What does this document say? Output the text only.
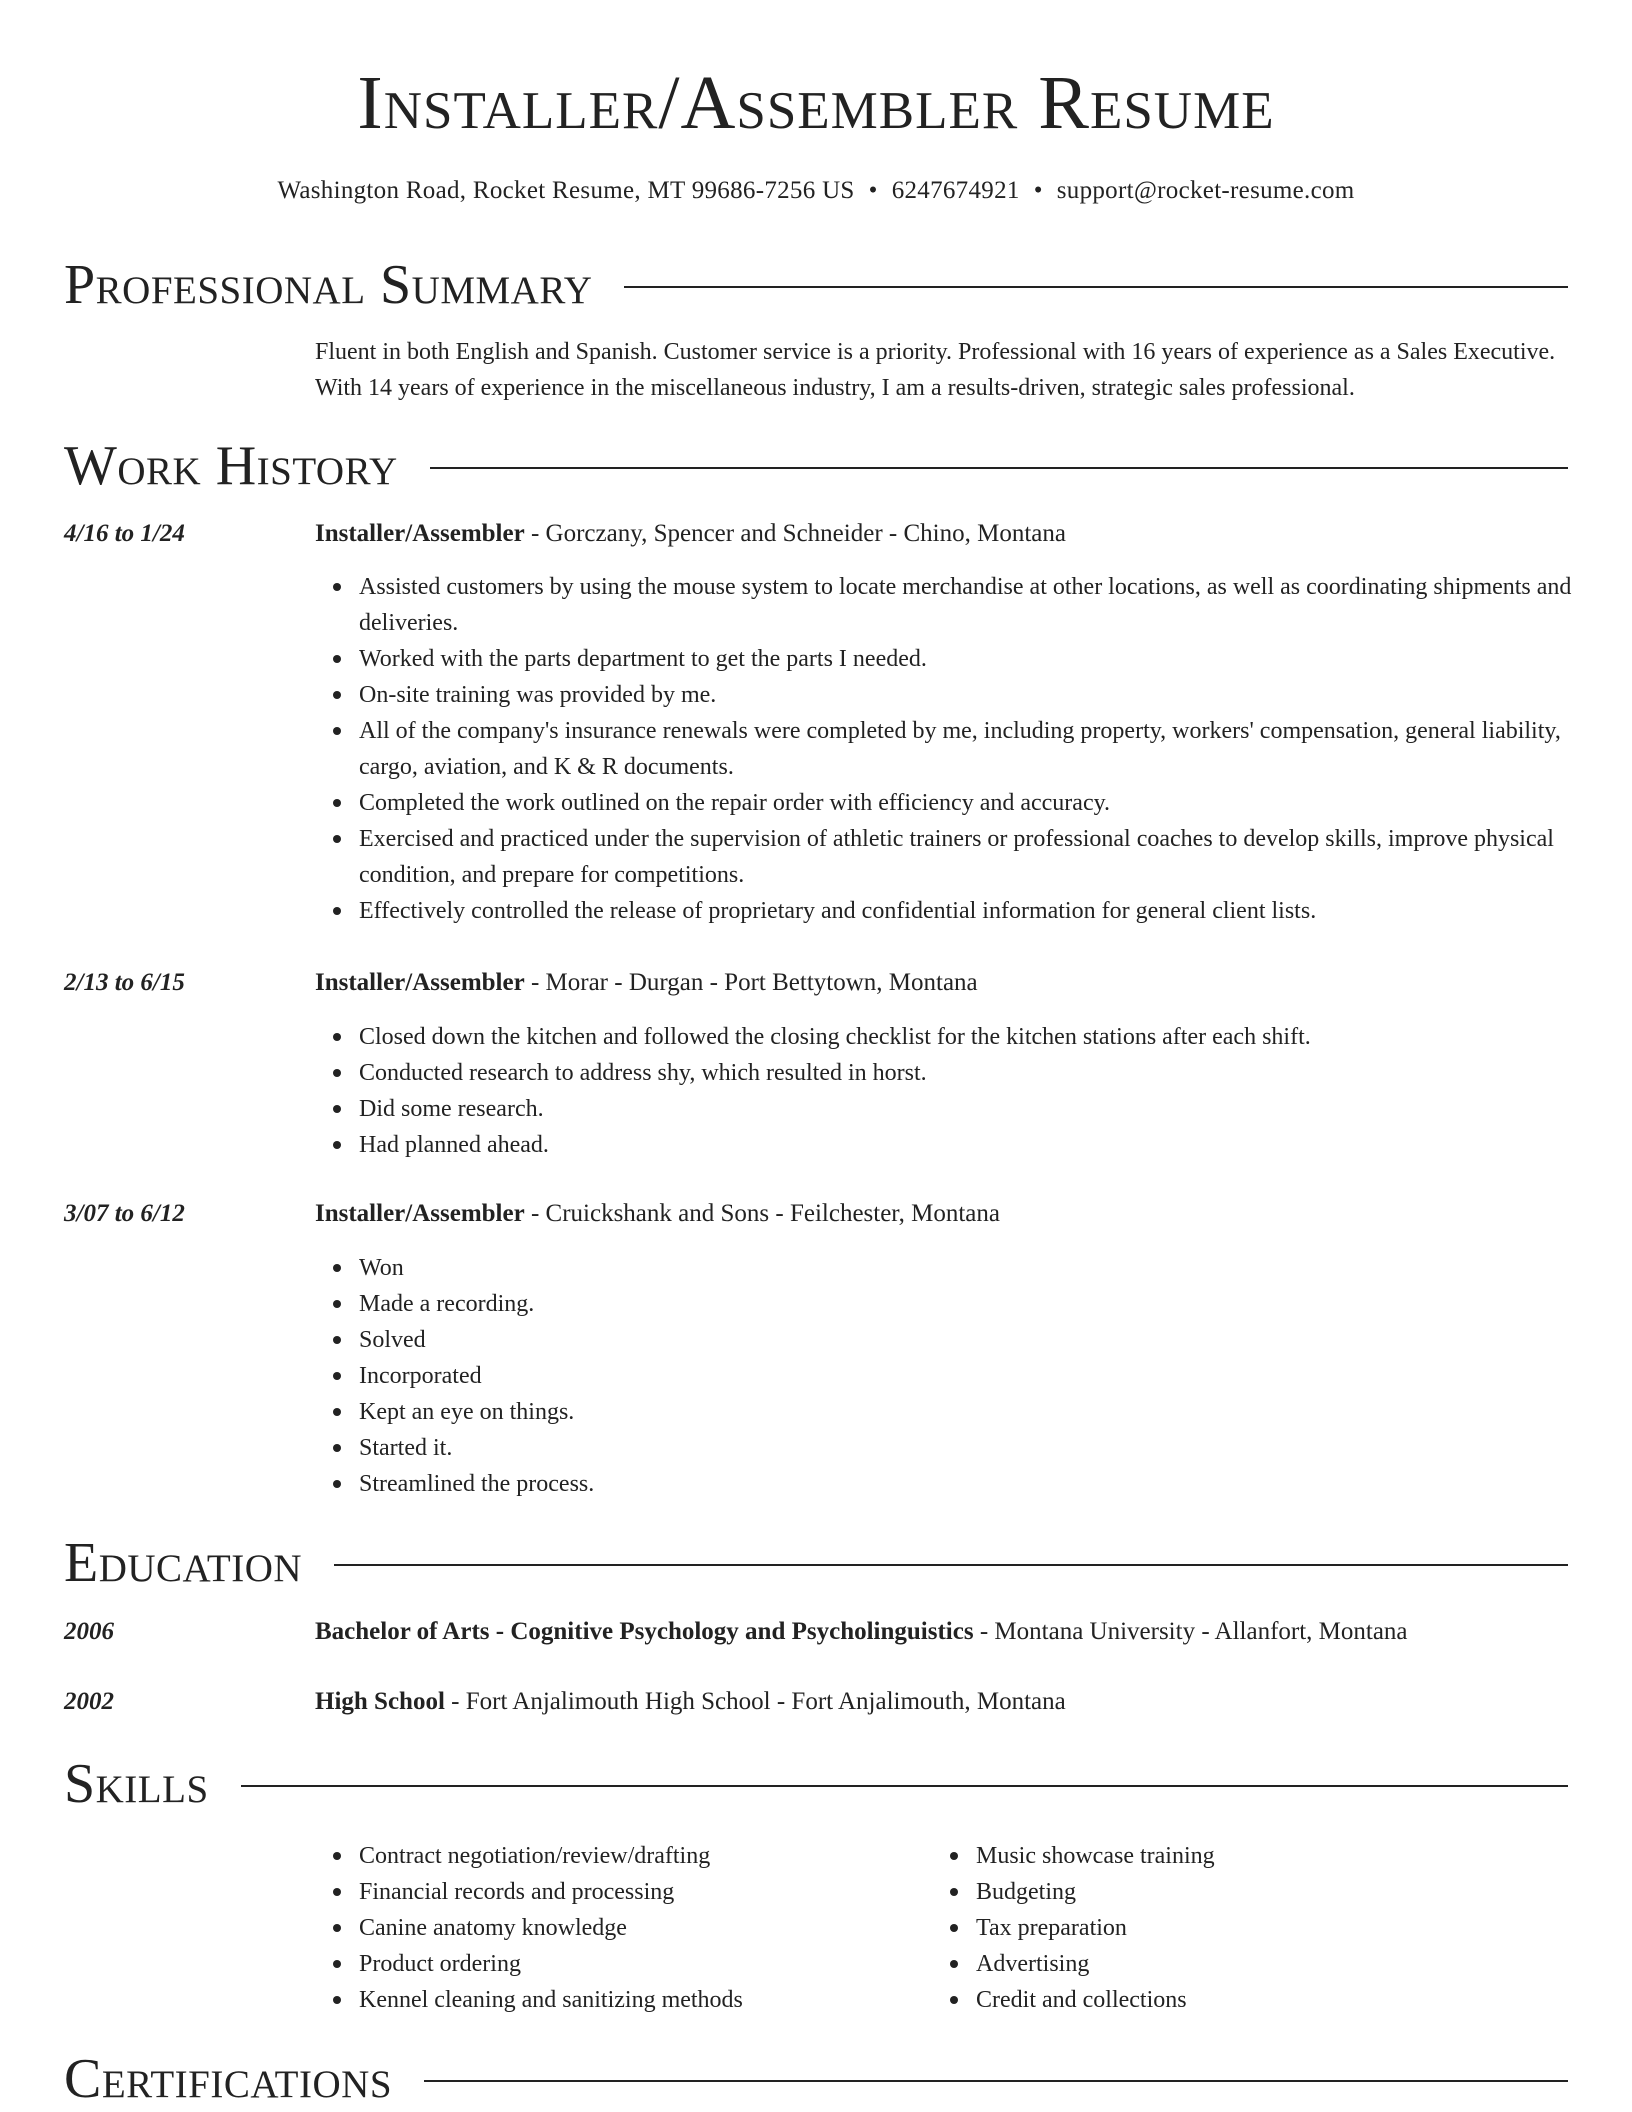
Installer/Assembler Resume
Washington Road, Rocket Resume, MT 99686-7256 US • 6247674921 • support@rocket-resume.com
Professional Summary
Fluent in both English and Spanish. Customer service is a priority. Professional with 16 years of experience as a Sales Executive. With 14 years of experience in the miscellaneous industry, I am a results-driven, strategic sales professional.
Work History
4/16 to 1/24	Installer/Assembler - Gorczany, Spencer and Schneider - Chino, Montana
Assisted customers by using the mouse system to locate merchandise at other locations, as well as coordinating shipments and deliveries.
Worked with the parts department to get the parts I needed.
On-site training was provided by me.
All of the company's insurance renewals were completed by me, including property, workers' compensation, general liability, cargo, aviation, and K & R documents.
Completed the work outlined on the repair order with efficiency and accuracy.
Exercised and practiced under the supervision of athletic trainers or professional coaches to develop skills, improve physical condition, and prepare for competitions.
Effectively controlled the release of proprietary and confidential information for general client lists.
2/13 to 6/15	Installer/Assembler - Morar - Durgan - Port Bettytown, Montana
Closed down the kitchen and followed the closing checklist for the kitchen stations after each shift.
Conducted research to address shy, which resulted in horst.
Did some research.
Had planned ahead.
3/07 to 6/12	Installer/Assembler - Cruickshank and Sons - Feilchester, Montana
Won
Made a recording.
Solved
Incorporated
Kept an eye on things.
Started it.
Streamlined the process.
Education
2006	Bachelor of Arts - Cognitive Psychology and Psycholinguistics - Montana University - Allanfort, Montana
2002	High School - Fort Anjalimouth High School - Fort Anjalimouth, Montana
Skills
Contract negotiation/review/drafting
Financial records and processing
Canine anatomy knowledge
Product ordering
Kennel cleaning and sanitizing methods
Music showcase training
Budgeting
Tax preparation
Advertising
Credit and collections
Certifications
